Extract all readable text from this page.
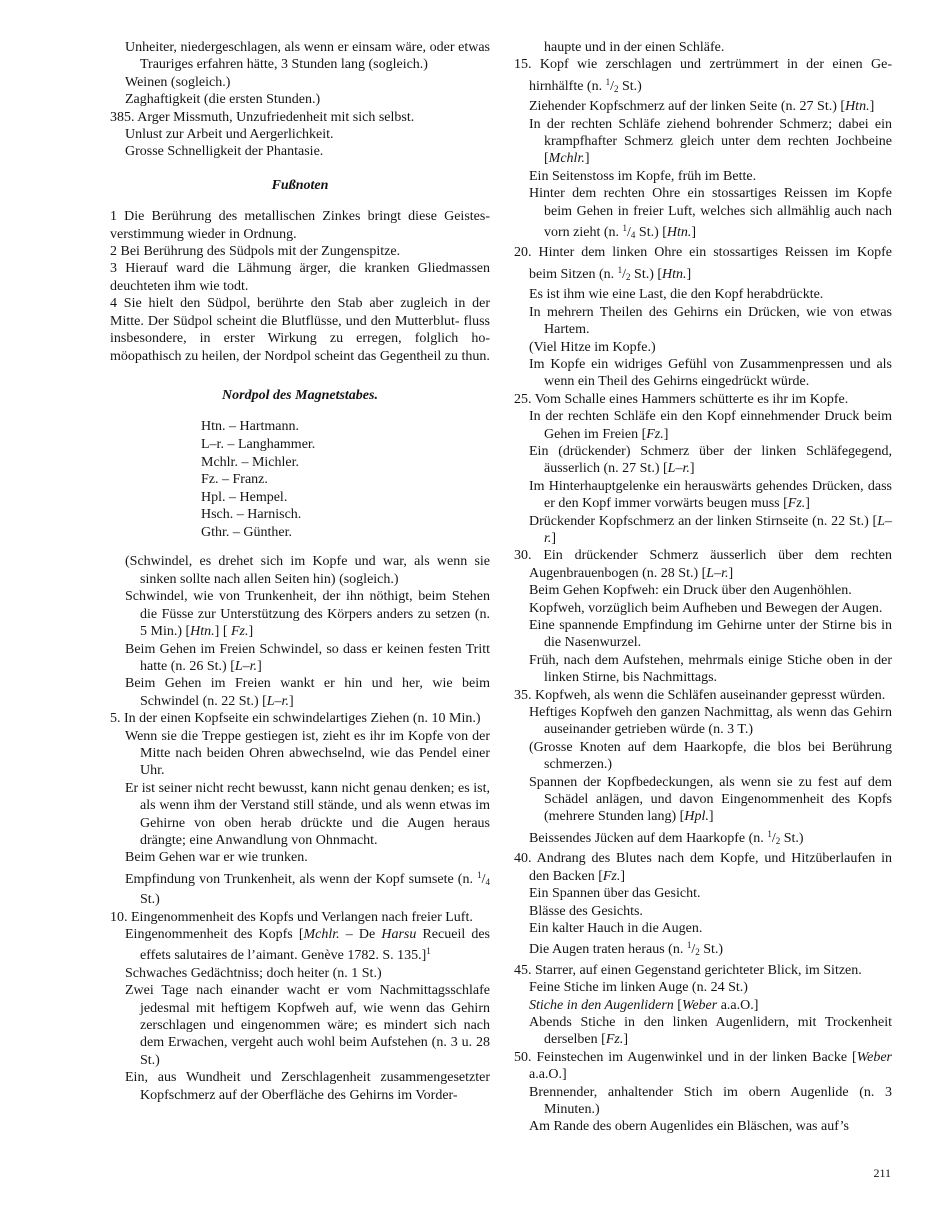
Unheiter, niedergeschlagen, als wenn er einsam wäre, oder etwas Trauriges erfahren hätte, 3 Stunden lang (sogleich.)

Weinen (sogleich.)

Zaghaftigkeit (die ersten Stunden.)

385. Arger Missmuth, Unzufriedenheit mit sich selbst.

Unlust zur Arbeit und Aergerlichkeit.

Grosse Schnelligkeit der Phantasie.

Fußnoten

1 Die Berührung des metallischen Zinkes bringt diese Geistes- verstimmung wieder in Ordnung.

2 Bei Berührung des Südpols mit der Zungenspitze.

3 Hierauf ward die Lähmung ärger, die kranken Gliedmassen deuchteten ihm wie todt.

4 Sie hielt den Südpol, berührte den Stab aber zugleich in der Mitte. Der Südpol scheint die Blutflüsse, und den Mutterblut- fluss insbesondere, in erster Wirkung zu erregen, folglich ho- möopathisch zu heilen, der Nordpol scheint das Gegentheil zu thun.

Nordpol des Magnetstabes.

Htn. – Hartmann.
L–r. – Langhammer.
Mchlr. – Michler.
Fz. – Franz.
Hpl. – Hempel.
Hsch. – Harnisch.
Gthr. – Günther.

(Schwindel, es drehet sich im Kopfe und war, als wenn sie sinken sollte nach allen Seiten hin) (sogleich.)

Schwindel, wie von Trunkenheit, der ihn nöthigt, beim Stehen die Füsse zur Unterstützung des Körpers anders zu setzen (n. 5 Min.) [Htn.] [ Fz.]

Beim Gehen im Freien Schwindel, so dass er keinen festen Tritt hatte (n. 26 St.) [L–r.]

Beim Gehen im Freien wankt er hin und her, wie beim Schwindel (n. 22 St.) [L–r.]

5. In der einen Kopfseite ein schwindelartiges Ziehen (n. 10 Min.)

Wenn sie die Treppe gestiegen ist, zieht es ihr im Kopfe von der Mitte nach beiden Ohren abwechselnd, wie das Pendel einer Uhr.

Er ist seiner nicht recht bewusst, kann nicht genau denken; es ist, als wenn ihm der Verstand still stände, und als wenn etwas im Gehirne von oben herab drückte und die Augen heraus drängte; eine Anwandlung von Ohnmacht.

Beim Gehen war er wie trunken.

Empfindung von Trunkenheit, als wenn der Kopf sumsete (n. $^1/_4$ St.)

10. Eingenommenheit des Kopfs und Verlangen nach freier Luft.

Eingenommenheit des Kopfs [Mchlr. – De Harsu Recueil des effets salutaires de l’aimant. Genève 1782. S. 135.]$^1$

Schwaches Gedächtniss; doch heiter (n. 1 St.)

Zwei Tage nach einander wacht er vom Nachmittagsschlafe jedesmal mit heftigem Kopfweh auf, wie wenn das Gehirn zerschlagen und eingenommen wäre; es mindert sich nach dem Erwachen, vergeht auch wohl beim Aufstehen (n. 3 u. 28 St.)

Ein, aus Wundheit und Zerschlagenheit zusammengesetzter Kopfschmerz auf der Oberfläche des Gehirns im Vorder-

haupte und in der einen Schläfe.

15. Kopf wie zerschlagen und zertrümmert in der einen Ge- hirnhälfte (n. $^1/_2$ St.)

Ziehender Kopfschmerz auf der linken Seite (n. 27 St.) [Htn.]

In der rechten Schläfe ziehend bohrender Schmerz; dabei ein krampfhafter Schmerz gleich unter dem rechten Jochbeine [Mchlr.]

Ein Seitenstoss im Kopfe, früh im Bette.

Hinter dem rechten Ohre ein stossartiges Reissen im Kopfe beim Gehen in freier Luft, welches sich allmählig auch nach vorn zieht (n. $^1/_4$ St.) [Htn.]

20. Hinter dem linken Ohre ein stossartiges Reissen im Kopfe beim Sitzen (n. $^1/_2$ St.) [Htn.]

Es ist ihm wie eine Last, die den Kopf herabdrückte.

In mehrern Theilen des Gehirns ein Drücken, wie von etwas Hartem.

(Viel Hitze im Kopfe.)

Im Kopfe ein widriges Gefühl von Zusammenpressen und als wenn ein Theil des Gehirns eingedrückt würde.

25. Vom Schalle eines Hammers schütterte es ihr im Kopfe.

In der rechten Schläfe ein den Kopf einnehmender Druck beim Gehen im Freien [Fz.]

Ein (drückender) Schmerz über der linken Schläfegegend, äusserlich (n. 27 St.) [L–r.]

Im Hinterhauptgelenke ein herauswärts gehendes Drücken, dass er den Kopf immer vorwärts beugen muss [Fz.]

Drückender Kopfschmerz an der linken Stirnseite (n. 22 St.) [L–r.]

30. Ein drückender Schmerz äusserlich über dem rechten Augenbrauenbogen (n. 28 St.) [L–r.]

Beim Gehen Kopfweh: ein Druck über den Augenhöhlen.

Kopfweh, vorzüglich beim Aufheben und Bewegen der Augen.

Eine spannende Empfindung im Gehirne unter der Stirne bis in die Nasenwurzel.

Früh, nach dem Aufstehen, mehrmals einige Stiche oben in der linken Stirne, bis Nachmittags.

35. Kopfweh, als wenn die Schläfen auseinander gepresst würden.

Heftiges Kopfweh den ganzen Nachmittag, als wenn das Gehirn auseinander getrieben würde (n. 3 T.)

(Grosse Knoten auf dem Haarkopfe, die blos bei Berührung schmerzen.)

Spannen der Kopfbedeckungen, als wenn sie zu fest auf dem Schädel anlägen, und davon Eingenommenheit des Kopfs (mehrere Stunden lang) [Hpl.]

Beissendes Jücken auf dem Haarkopfe (n. $^1/_2$ St.)

40. Andrang des Blutes nach dem Kopfe, und Hitzüberlaufen in den Backen [Fz.]

Ein Spannen über das Gesicht.

Blässe des Gesichts.

Ein kalter Hauch in die Augen.

Die Augen traten heraus (n. $^1/_2$ St.)

45. Starrer, auf einen Gegenstand gerichteter Blick, im Sitzen.

Feine Stiche im linken Auge (n. 24 St.)

Stiche in den Augenlidern [Weber a.a.O.]

Abends Stiche in den linken Augenlidern, mit Trockenheit derselben [Fz.]

50. Feinstechen im Augenwinkel und in der linken Backe [Weber a.a.O.]

Brennender, anhaltender Stich im obern Augenlide (n. 3 Minuten.)

Am Rande des obern Augenlides ein Bläschen, was auf’s

211
